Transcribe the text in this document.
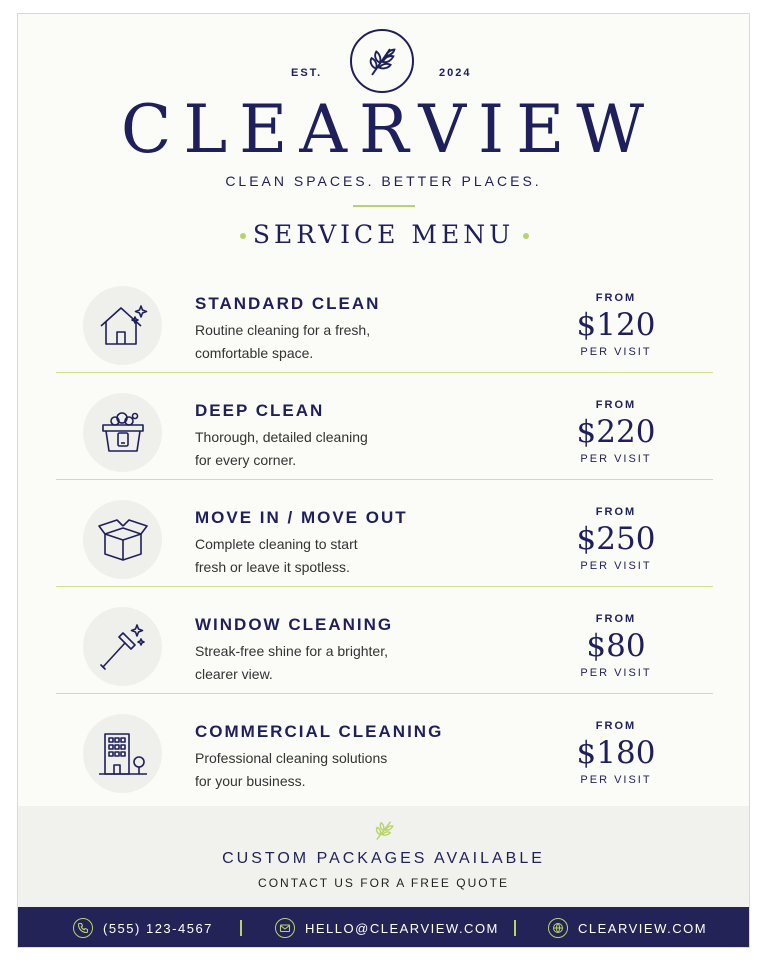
EST.	2024
CLEARVIEW
CLEAN SPACES. BETTER PLACES.
SERVICE MENU
STANDARD CLEAN
Routine cleaning for a fresh,
comfortable space.
FROM
$120
PER VISIT
DEEP CLEAN
Thorough, detailed cleaning
for every corner.
FROM
$220
PER VISIT
MOVE IN / MOVE OUT
Complete cleaning to start
fresh or leave it spotless.
FROM
$250
PER VISIT
WINDOW CLEANING
Streak-free shine for a brighter,
clearer view.
FROM
$80
PER VISIT
COMMERCIAL CLEANING
Professional cleaning solutions
for your business.
FROM
$180
PER VISIT
CUSTOM PACKAGES AVAILABLE
CONTACT US FOR A FREE QUOTE
(555) 123-4567	HELLO@CLEARVIEW.COM	CLEARVIEW.COM
